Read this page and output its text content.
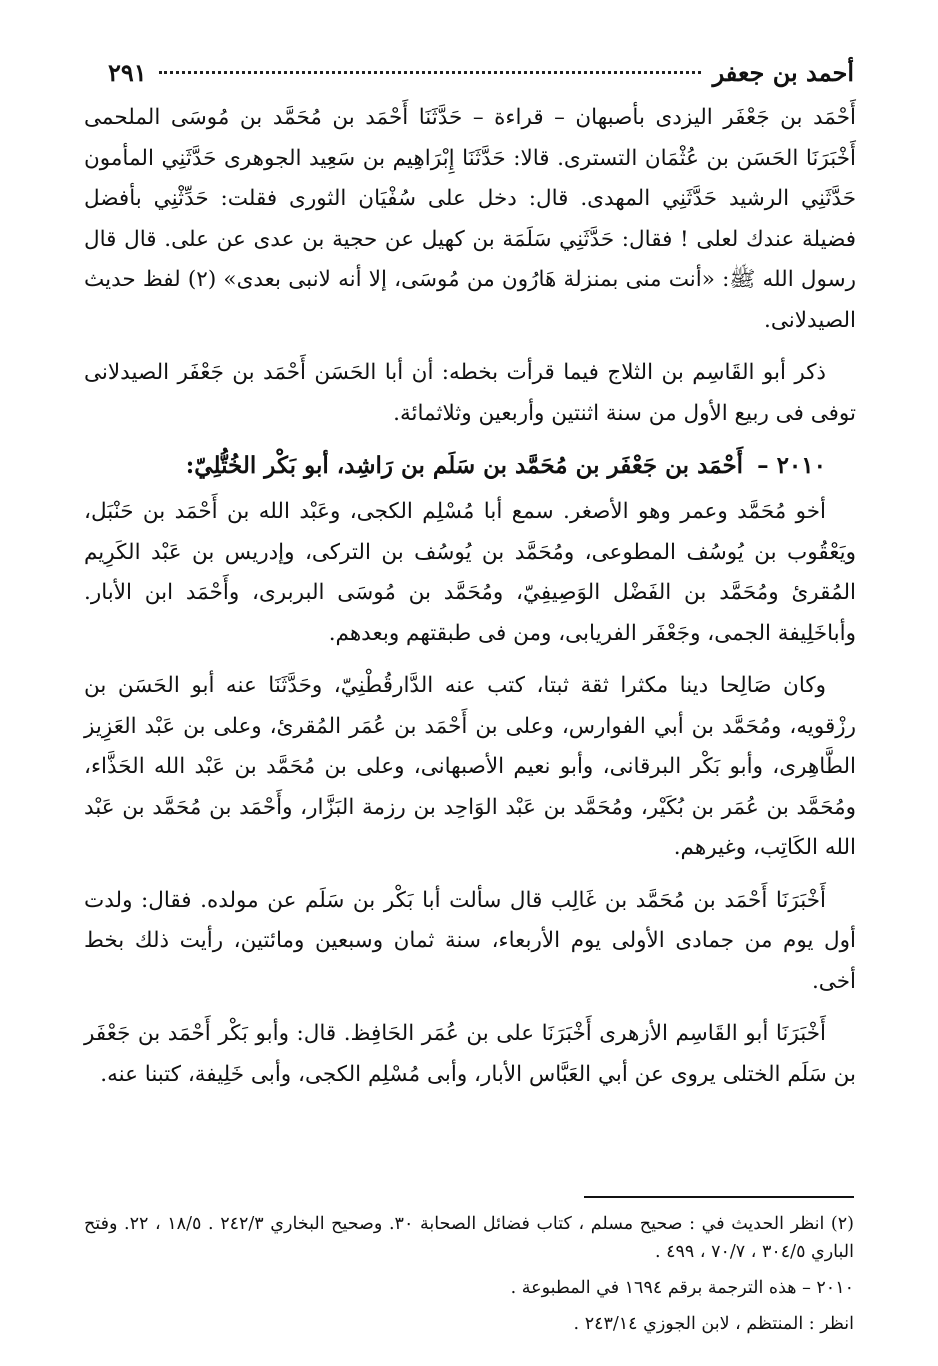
أحمد بن جعفر
٢٩١

أَحْمَد بن جَعْفَر اليزدى بأصبهان – قراءة – حَدَّثَنَا أَحْمَد بن مُحَمَّد بن مُوسَى الملحمى أَخْبَرَنَا الحَسَن بن عُثْمَان التسترى. قالا: حَدَّثَنَا إِبْرَاهِيم بن سَعِيد الجوهرى حَدَّثَنِي المأمون حَدَّثَنِي الرشيد حَدَّثَنِي المهدى. قال: دخل على سُفْيَان الثورى فقلت: حَدِّثْنِي بأفضل فضيلة عندك لعلى ! فقال: حَدَّثَنِي سَلَمَة بن كهيل عن حجية بن عدى عن على. قال قال رسول الله ﷺ: «أنت منى بمنزلة هَارُون من مُوسَى، إلا أنه لانبى بعدى» (٢) لفظ حديث الصيدلانى.

ذكر أبو القَاسِم بن الثلاج فيما قرأت بخطه: أن أبا الحَسَن أَحْمَد بن جَعْفَر الصيدلانى توفى فى ربيع الأول من سنة اثنتين وأربعين وثلاثمائة.

٢٠١٠ –أَحْمَد بن جَعْفَر بن مُحَمَّد بن سَلَم بن رَاشِد، أبو بَكْر الخُتُّلِيّ:

أخو مُحَمَّد وعمر وهو الأصغر. سمع أبا مُسْلِم الكجى، وعَبْد الله بن أَحْمَد بن حَنْبَل، ويَعْقُوب بن يُوسُف المطوعى، ومُحَمَّد بن يُوسُف بن التركى، وإدريس بن عَبْد الكَرِيم المُقرئ ومُحَمَّد بن الفَضْل الوَصِيفِيّ، ومُحَمَّد بن مُوسَى البربرى، وأَحْمَد ابن الأبار. وأباخَلِيفة الجمى، وجَعْفَر الفريابى، ومن فى طبقتهم وبعدهم.

وكان صَالِحا دينا مكثرا ثقة ثبتا، كتب عنه الدَّارقُطْنِيّ، وحَدَّثَنَا عنه أبو الحَسَن بن رزْقويه، ومُحَمَّد بن أبي الفوارس، وعلى بن أَحْمَد بن عُمَر المُقرئ، وعلى بن عَبْد العَزِيز الطَّاهِرى، وأبو بَكْر البرقانى، وأبو نعيم الأصبهانى، وعلى بن مُحَمَّد بن عَبْد الله الحَذَّاء، ومُحَمَّد بن عُمَر بن بُكَيْر، ومُحَمَّد بن عَبْد الوَاحِد بن رزمة البَزَّار، وأَحْمَد بن مُحَمَّد بن عَبْد الله الكَاتِب، وغيرهم.

أَخْبَرَنَا أَحْمَد بن مُحَمَّد بن غَالِب قال سألت أبا بَكْر بن سَلَم عن مولده. فقال: ولدت أول يوم من جمادى الأولى يوم الأربعاء، سنة ثمان وسبعين ومائتين، رأيت ذلك بخط أخى.

أَخْبَرَنَا أبو القَاسِم الأزهرى أَخْبَرَنَا على بن عُمَر الحَافِظ. قال: وأبو بَكْر أَحْمَد بن جَعْفَر بن سَلَم الختلى يروى عن أبي العَبَّاس الأبار، وأبى مُسْلِم الكجى، وأبى خَلِيفة، كتبنا عنه.

(٢) انظر الحديث في : صحيح مسلم ، كتاب فضائل الصحابة ٣٠. وصحيح البخاري ٢٤٢/٣ . ١٨/٥ ، ٢٢. وفتح الباري ٣٠٤/٥ ، ٧٠/٧ ، ٤٩٩ .

٢٠١٠ – هذه الترجمة برقم ١٦٩٤ في المطبوعة .

انظر : المنتظم ، لابن الجوزي ٢٤٣/١٤ .
